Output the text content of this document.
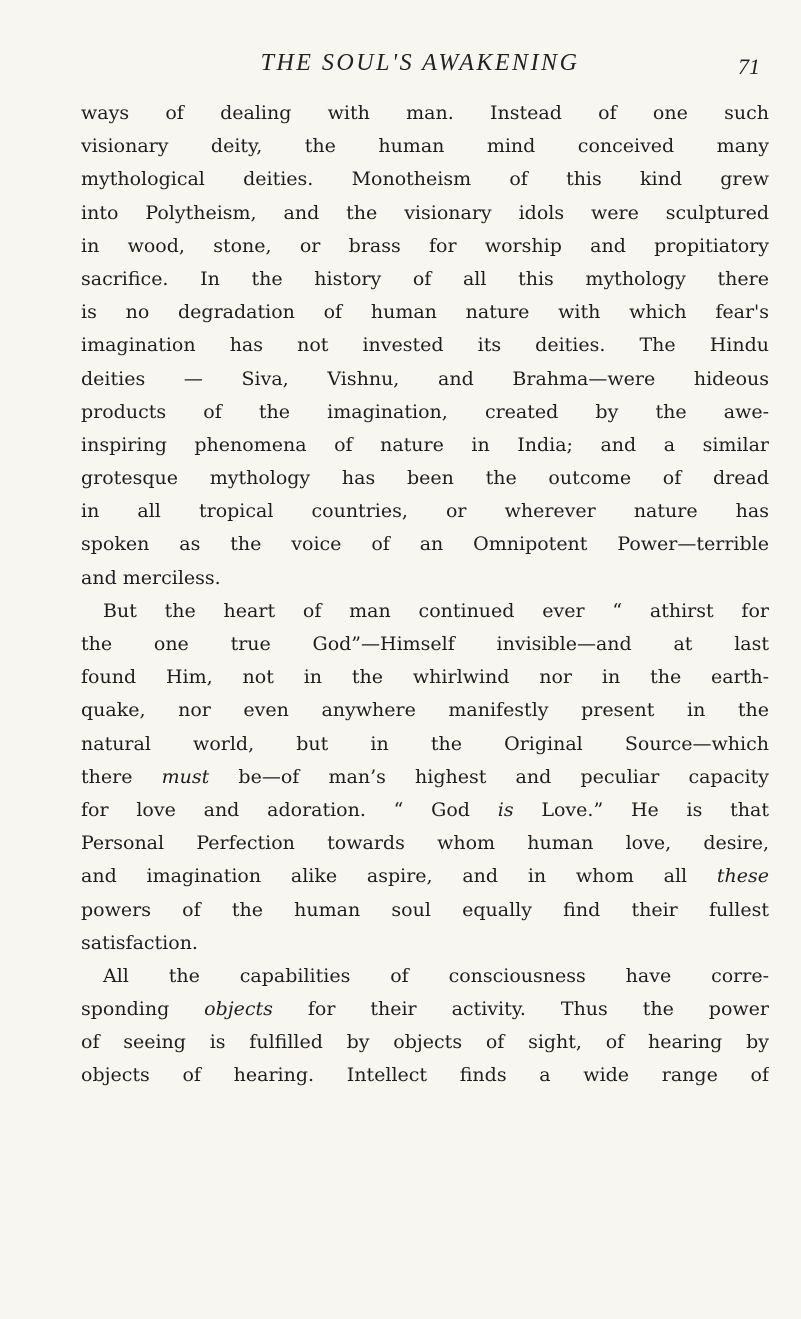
THE SOUL'S AWAKENING	71
ways of dealing with man. Instead of one such
visionary deity, the human mind conceived many
mythological deities. Monotheism of this kind grew
into Polytheism, and the visionary idols were sculptured
in wood, stone, or brass for worship and propitiatory
sacrifice. In the history of all this mythology there
is no degradation of human nature with which fear's
imagination has not invested its deities. The Hindu
deities — Siva, Vishnu, and Brahma—were hideous
products of the imagination, created by the awe-
inspiring phenomena of nature in India; and a similar
grotesque mythology has been the outcome of dread
in all tropical countries, or wherever nature has
spoken as the voice of an Omnipotent Power—terrible
and merciless.
But the heart of man continued ever “ athirst for
the one true God”—Himself invisible—and at last
found Him, not in the whirlwind nor in the earth-
quake, nor even anywhere manifestly present in the
natural world, but in the Original Source—which
there must be—of man’s highest and peculiar capacity
for love and adoration. “ God is Love.” He is that
Personal Perfection towards whom human love, desire,
and imagination alike aspire, and in whom all these
powers of the human soul equally find their fullest
satisfaction.
All the capabilities of consciousness have corre-
sponding objects for their activity. Thus the power
of seeing is fulfilled by objects of sight, of hearing by
objects of hearing. Intellect finds a wide range of
